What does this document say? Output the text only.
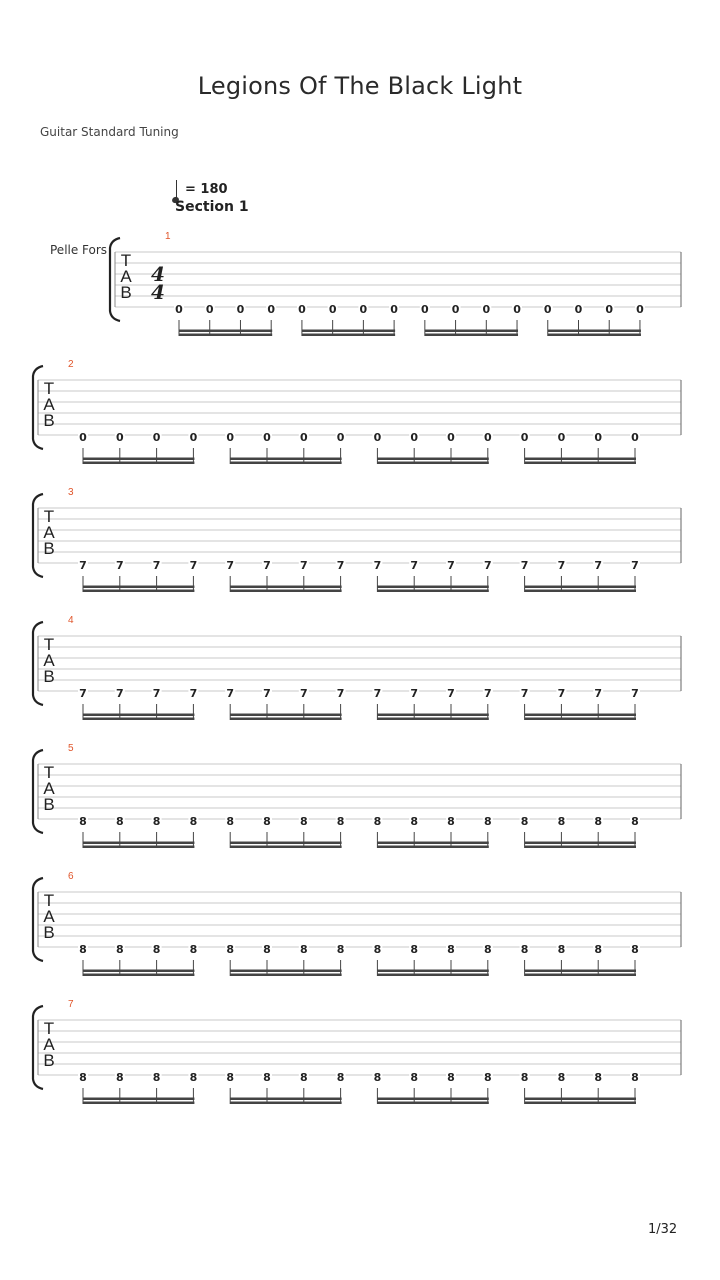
Legions Of The Black Light
Guitar Standard Tuning
= 180
Section 1
Pelle Fors
T
A
B
4
4
1
0 0 0 0 0 0 0 0 0 0 0 0 0 0 0 0
T
A
B
2
0	0	0	0	0	0	0	0	0	0	0	0	0	0	0	0
T
A
B
3
7	7	7	7	7	7	7	7	7	7	7	7	7	7	7	7
T
A
B
4
7	7	7	7	7	7	7	7	7	7	7	7	7	7	7	7
T
A
B
5
8	8	8	8	8	8	8	8	8	8	8	8	8	8	8	8
T
A
B
6
8	8	8	8	8	8	8	8	8	8	8	8	8	8	8	8
T
A
B
7
8	8	8	8	8	8	8	8	8	8	8	8	8	8	8	8
1/32
